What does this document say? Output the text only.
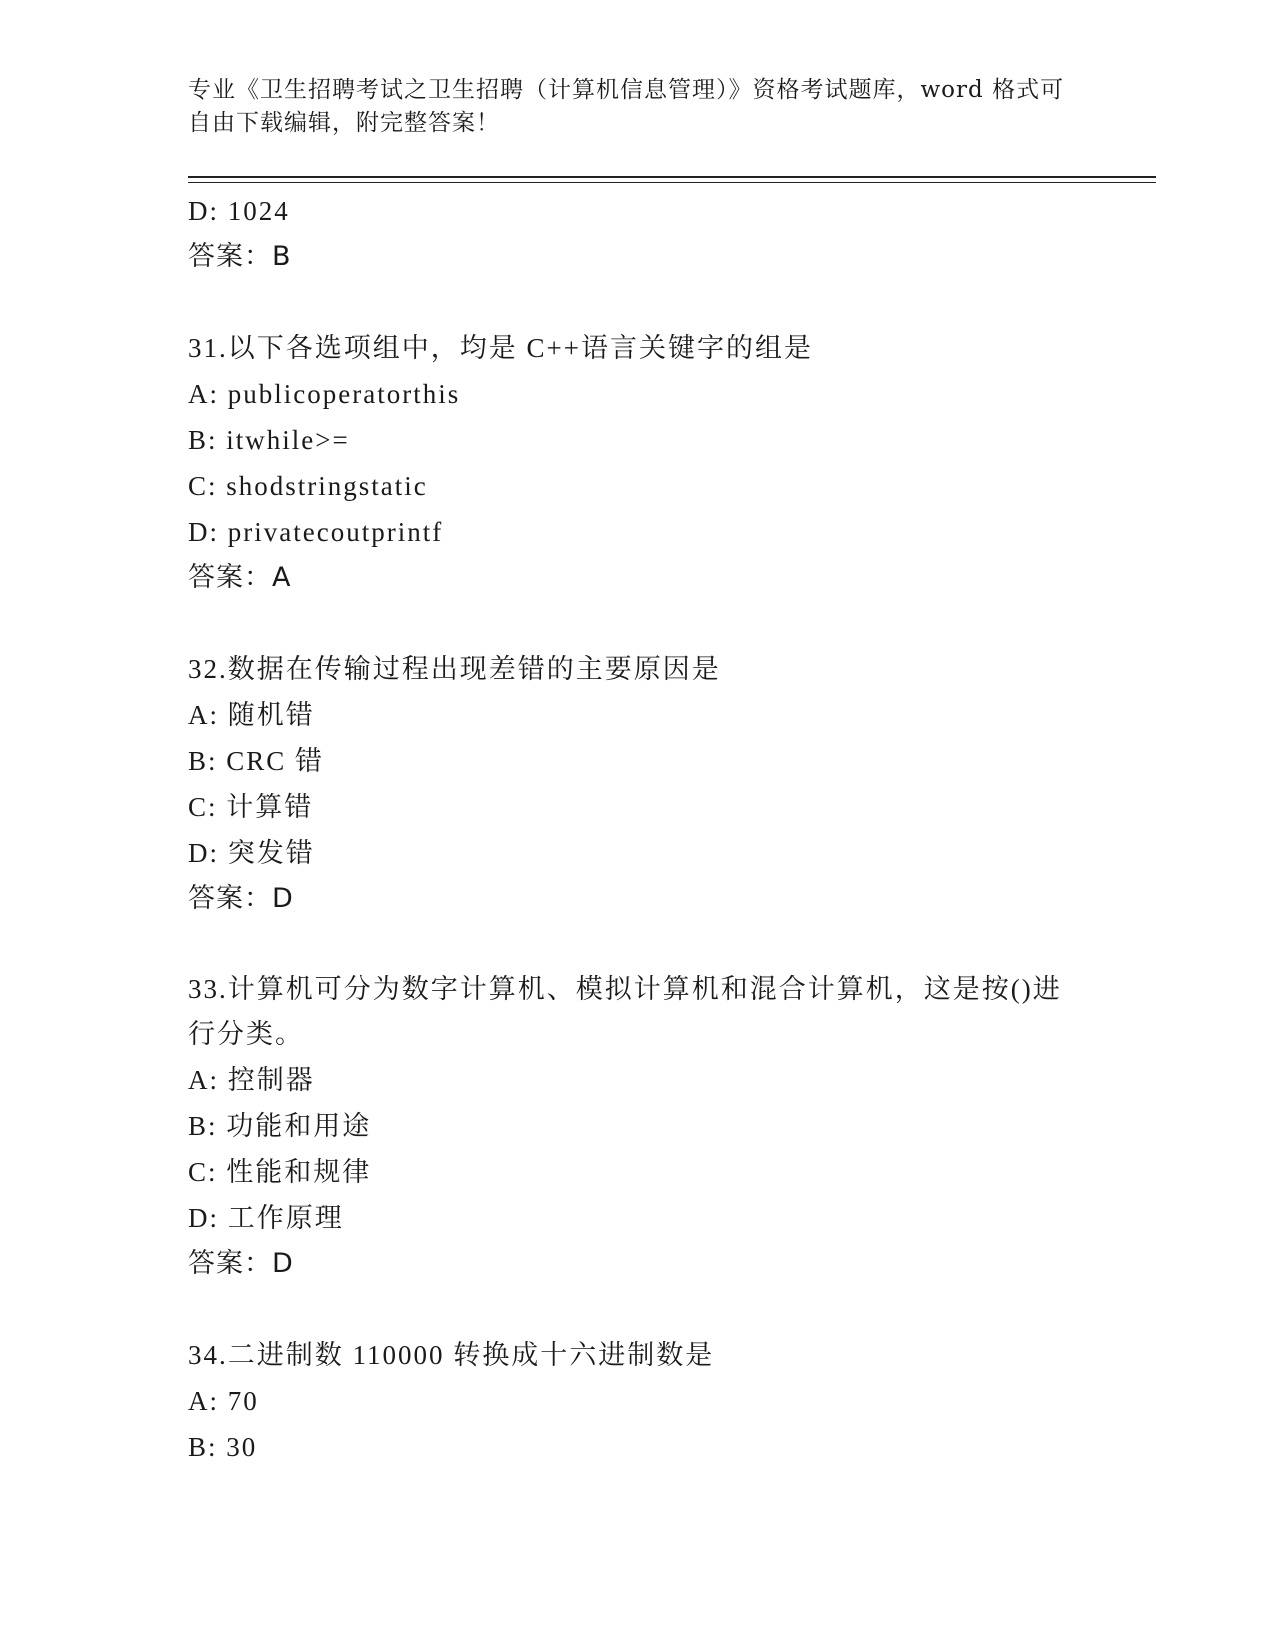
专业《卫生招聘考试之卫生招聘（计算机信息管理）》资格考试题库，word 格式可自由下载编辑，附完整答案！
D: 1024
答案：B
31.以下各选项组中，均是 C++语言关键字的组是
A: publicoperatorthis
B: itwhile>=
C: shodstringstatic
D: privatecoutprintf
答案：A
32.数据在传输过程出现差错的主要原因是
A: 随机错
B: CRC 错
C: 计算错
D: 突发错
答案：D
33.计算机可分为数字计算机、模拟计算机和混合计算机，这是按()进行分类。
A: 控制器
B: 功能和用途
C: 性能和规律
D: 工作原理
答案：D
34.二进制数 110000 转换成十六进制数是
A: 70
B: 30
